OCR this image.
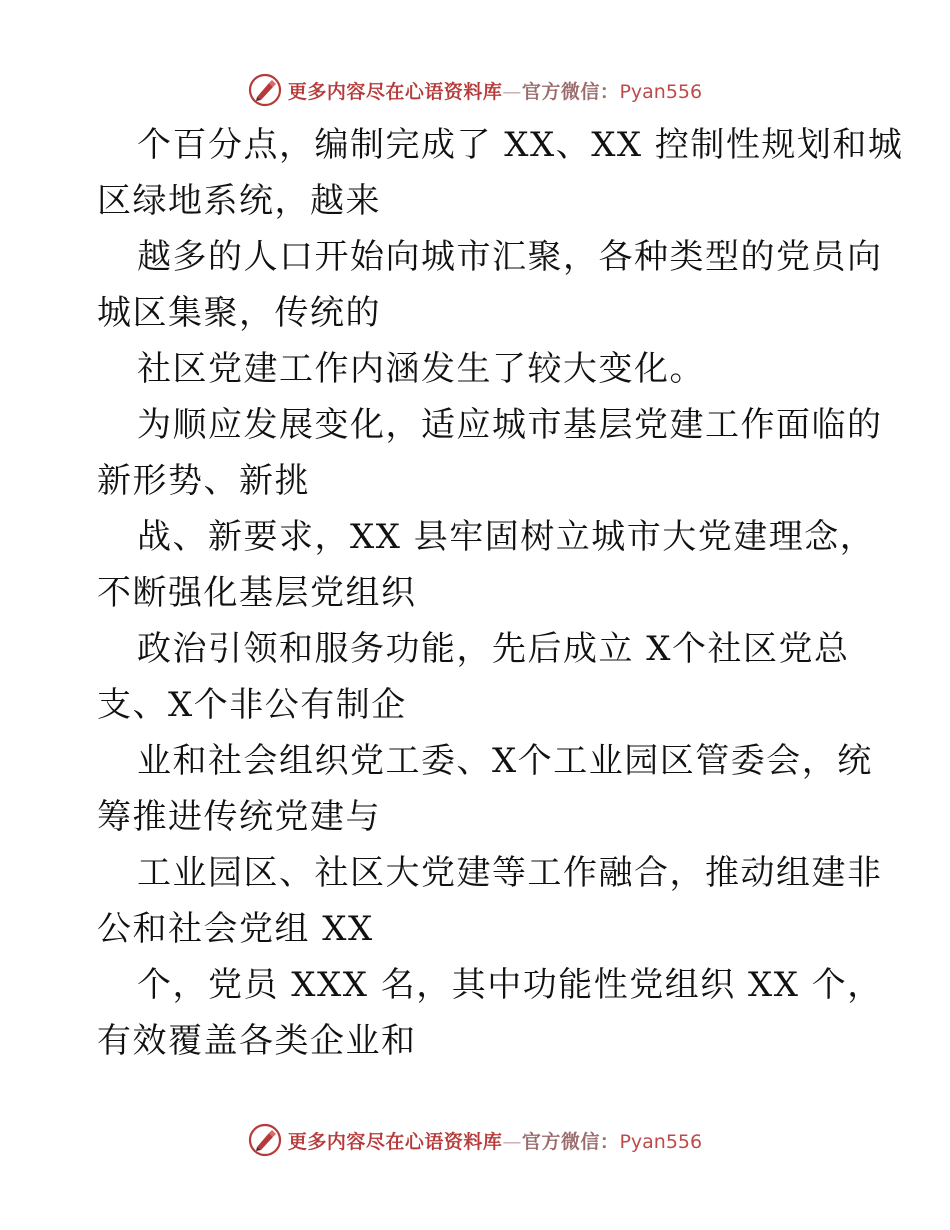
更多内容尽在心语资料库—官方微信：Pyan556

个百分点，编制完成了 XX、XX 控制性规划和城
区绿地系统，越来

越多的人口开始向城市汇聚，各种类型的党员向
城区集聚，传统的

社区党建工作内涵发生了较大变化。

为顺应发展变化，适应城市基层党建工作面临的
新形势、新挑

战、新要求，XX 县牢固树立城市大党建理念，
不断强化基层党组织

政治引领和服务功能，先后成立 X个社区党总
支、X个非公有制企

业和社会组织党工委、X个工业园区管委会，统
筹推进传统党建与

工业园区、社区大党建等工作融合，推动组建非
公和社会党组 XX

个，党员 XXX 名，其中功能性党组织 XX 个，
有效覆盖各类企业和

更多内容尽在心语资料库—官方微信：Pyan556
